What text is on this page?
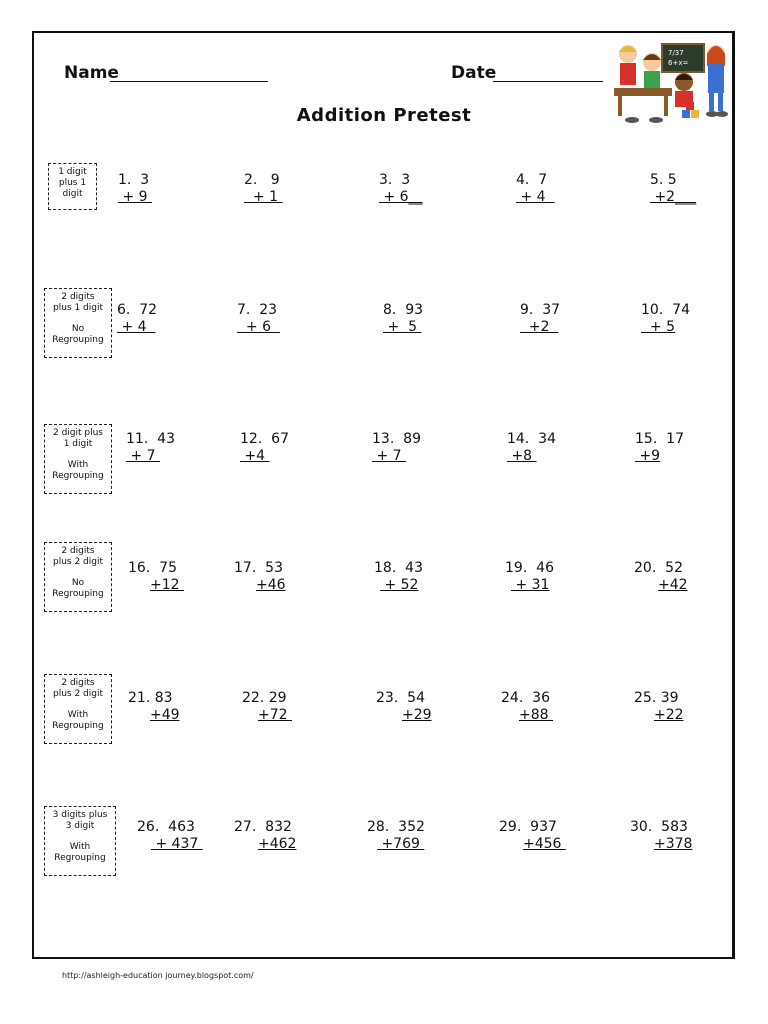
Name	Date
Addition Pretest
7/37
6+x=
1 digit
plus 1
digit
2 digits
plus 1 digit
No
Regrouping
2 digit plus
1 digit
With
Regrouping
2 digits
plus 2 digit
No
Regrouping
2 digits
plus 2 digit
With
Regrouping
3 digits plus
3 digit
With
Regrouping
1.  3
+ 9
2.   9
+ 1
3.  3
+ 6__
4.  7
+ 4
5. 5
+2___
6.  72
+ 4
7.  23
+ 6
8.  93
+  5
9.  37
+2
10.  74
+ 5
11.  43
+ 7
12.  67
+4
13.  89
+ 7
14.  34
+8
15.  17
+9
16.  75
+12
17.  53
+46
18.  43
+ 52
19.  46
+ 31
20.  52
+42
21. 83
+49
22. 29
+72
23.  54
+29
24.  36
+88
25. 39
+22
26.  463
+ 437
27.  832
+462
28.  352
+769
29.  937
+456
30.  583
+378
http://ashleigh-education journey.blogspot.com/
